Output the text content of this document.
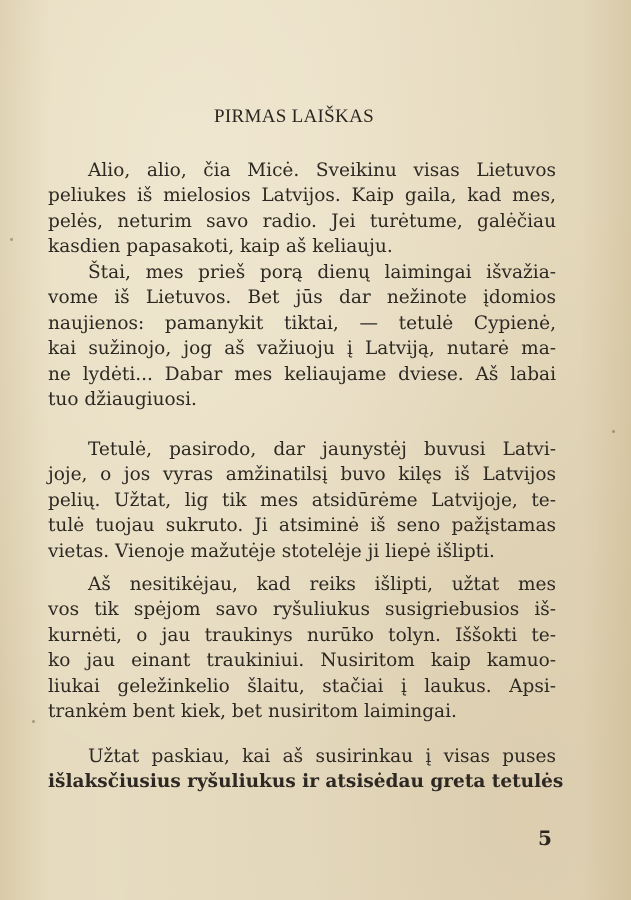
PIRMAS LAIŠKAS
Alio, alio, čia Micė. Sveikinu visas Lietuvos
peliukes iš mielosios Latvijos. Kaip gaila, kad mes,
pelės, neturim savo radio. Jei turėtume, galėčiau
kasdien papasakoti, kaip aš keliauju.
Štai, mes prieš porą dienų laimingai išvažia-
vome iš Lietuvos. Bet jūs dar nežinote įdomios
naujienos: pamanykit tiktai, — tetulė Cypienė,
kai sužinojo, jog aš važiuoju į Latviją, nutarė ma-
ne lydėti... Dabar mes keliaujame dviese. Aš labai
tuo džiaugiuosi.
Tetulė, pasirodo, dar jaunystėj buvusi Latvi-
joje, o jos vyras amžinatilsį buvo kilęs iš Latvijos
pelių. Užtat, lig tik mes atsidūrėme Latvijoje, te-
tulė tuojau sukruto. Ji atsiminė iš seno pažįstamas
vietas. Vienoje mažutėje stotelėje ji liepė išlipti.
Aš nesitikėjau, kad reiks išlipti, užtat mes
vos tik spėjom savo ryšuliukus susigriebusios iš-
kurnėti, o jau traukinys nurūko tolyn. Iššokti te-
ko jau einant traukiniui. Nusiritom kaip kamuo-
liukai geležinkelio šlaitu, stačiai į laukus. Apsi-
trankėm bent kiek, bet nusiritom laimingai.
Užtat paskiau, kai aš susirinkau į visas puses
išlaksčiusius ryšuliukus ir atsisėdau greta tetulės
5
